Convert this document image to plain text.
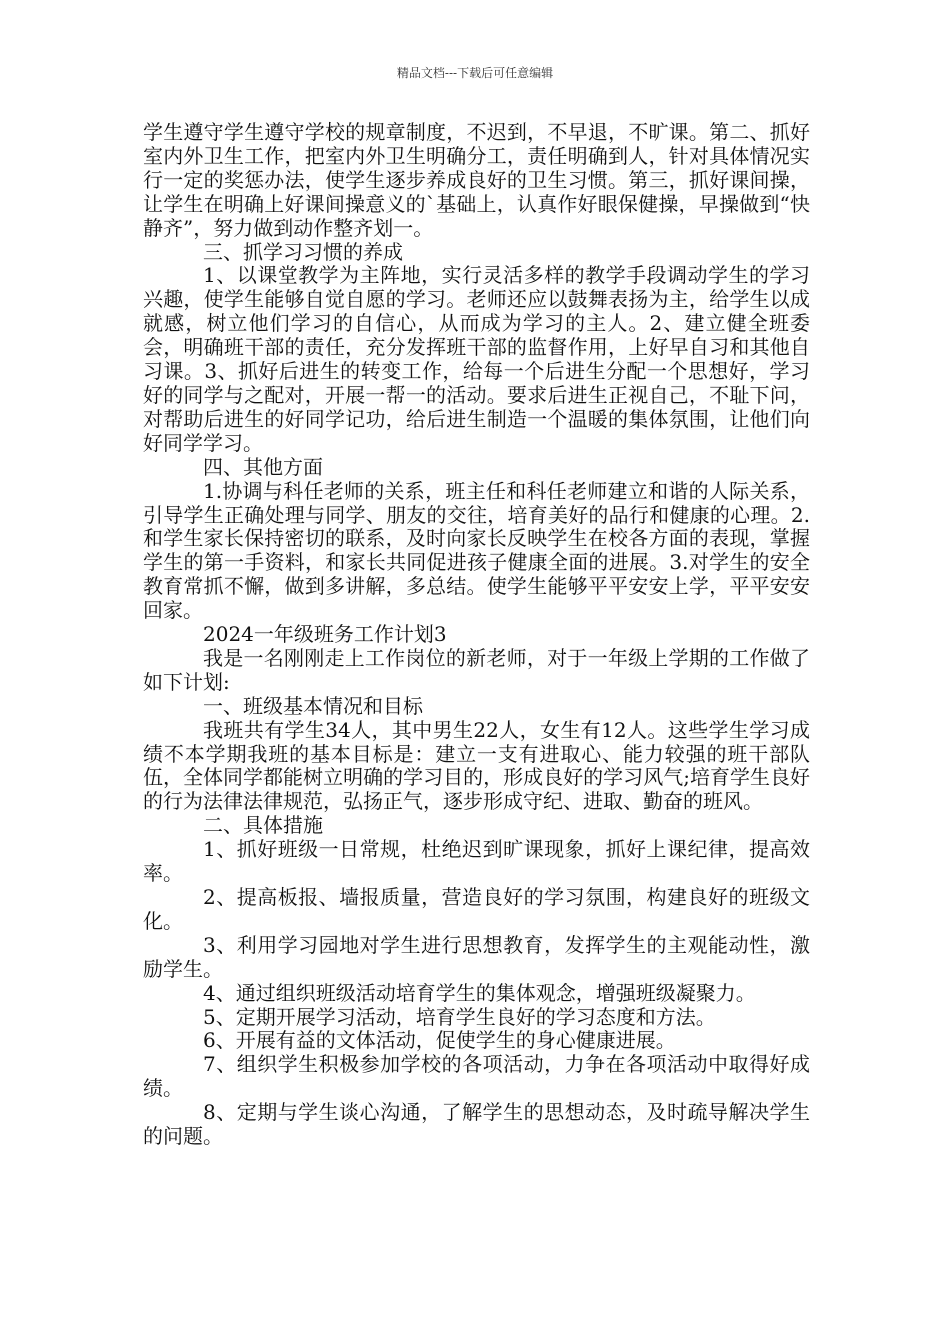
精品文档---下载后可任意编辑

学生遵守学生遵守学校的规章制度，不迟到，不早退，不旷课。第二、抓好室内外卫生工作，把室内外卫生明确分工，责任明确到人，针对具体情况实行一定的奖惩办法，使学生逐步养成良好的卫生习惯。第三，抓好课间操，让学生在明确上好课间操意义的`基础上，认真作好眼保健操，早操做到“快静齐”，努力做到动作整齐划一。

三、抓学习习惯的养成

1、以课堂教学为主阵地，实行灵活多样的教学手段调动学生的学习兴趣，使学生能够自觉自愿的学习。老师还应以鼓舞表扬为主，给学生以成就感，树立他们学习的自信心，从而成为学习的主人。2、建立健全班委会，明确班干部的责任，充分发挥班干部的监督作用，上好早自习和其他自习课。3、抓好后进生的转变工作，给每一个后进生分配一个思想好，学习好的同学与之配对，开展一帮一的活动。要求后进生正视自己，不耻下问，对帮助后进生的好同学记功，给后进生制造一个温暖的集体氛围，让他们向好同学学习。

四、其他方面

1.协调与科任老师的关系，班主任和科任老师建立和谐的人际关系，引导学生正确处理与同学、朋友的交往，培育美好的品行和健康的心理。2.和学生家长保持密切的联系，及时向家长反映学生在校各方面的表现，掌握学生的第一手资料，和家长共同促进孩子健康全面的进展。3.对学生的安全教育常抓不懈，做到多讲解，多总结。使学生能够平平安安上学，平平安安回家。

2024一年级班务工作计划3

我是一名刚刚走上工作岗位的新老师，对于一年级上学期的工作做了如下计划:

一、班级基本情况和目标

我班共有学生34人，其中男生22人，女生有12人。这些学生学习成绩不本学期我班的基本目标是：建立一支有进取心、能力较强的班干部队伍，全体同学都能树立明确的学习目的，形成良好的学习风气;培育学生良好的行为法律法律规范，弘扬正气，逐步形成守纪、进取、勤奋的班风。

二、具体措施

1、抓好班级一日常规，杜绝迟到旷课现象，抓好上课纪律，提高效率。

2、提高板报、墙报质量，营造良好的学习氛围，构建良好的班级文化。

3、利用学习园地对学生进行思想教育，发挥学生的主观能动性，激励学生。

4、通过组织班级活动培育学生的集体观念，增强班级凝聚力。

5、定期开展学习活动，培育学生良好的学习态度和方法。

6、开展有益的文体活动，促使学生的身心健康进展。

7、组织学生积极参加学校的各项活动，力争在各项活动中取得好成绩。

8、定期与学生谈心沟通，了解学生的思想动态，及时疏导解决学生的问题。
